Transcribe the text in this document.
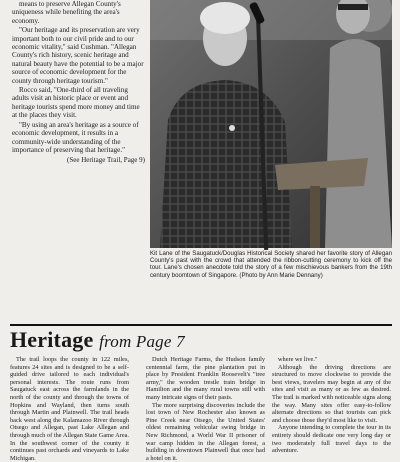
means to preserve Allegan County's uniqueness while benefiting the area's economy.

"Our heritage and its preservation are very important both to our civil pride and to our economic vitality," said Cushman. "Allegan County's rich history, scenic heritage and natural beauty have the potential to be a major source of economic development for the county through heritage tourism."

Rocco said, "One-third of all traveling adults visit an historic place or event and heritage tourists spend more money and time at the places they visit.

"By using an area's heritage as a source of economic development, it results in a community-wide understanding of the importance of preserving that heritage."

(See Heritage Trail, Page 9)
Kit Lane of the Saugatuck/Douglas Historical Society shared her favorite story of Allegan County's past with the crowd that attended the ribbon-cutting ceremony to kick off the tour. Lane's chosen anecdote told the story of a few mischievous bankers from the 19th century boomtown of Singapore. (Photo by Ann Marie Dennany)
Heritage from Page 7

The trail loops the county in 122 miles, features 24 sites and is designed to be a self-guided drive tailored to each individual's personal interests. The route runs from Saugatuck east across the farmlands in the north of the county and through the towns of Hopkins and Wayland, then turns south through Martin and Plainwell. The trail heads back west along the Kalamazoo River through Otsego and Allegan, past Lake Allegan and through much of the Allegan State Game Area. In the southwest corner of the county it continues past orchards and vineyards to Lake Michigan.

Dutch Heritage Farms, the Hudson family centennial farm, the pine plantation put in place by President Franklin Roosevelt's "tree army," the wooden trestle train bridge in Hamilton and the many rural towns still with many intricate signs of their pasts.

The more surprising discoveries include the lost town of New Rochester also known as Pine Creek near Otsego, the United States' oldest remaining vehicular swing bridge in New Richmond, a World War II prisoner of war camp hidden in the Allegan forest, a building in downtown Plainwell that once had a hotel on it.

where we live."

Although the driving directions are structured to move clockwise to provide the best views, travelers may begin at any of the sites and visit as many or as few as desired. The trail is marked with noticeable signs along the way. Many sites offer easy-to-follow alternate directions so that tourists can pick and choose those they'd most like to visit.

Anyone intending to complete the tour in its entirety should dedicate one very long day or two moderately full travel days to the adventure.
